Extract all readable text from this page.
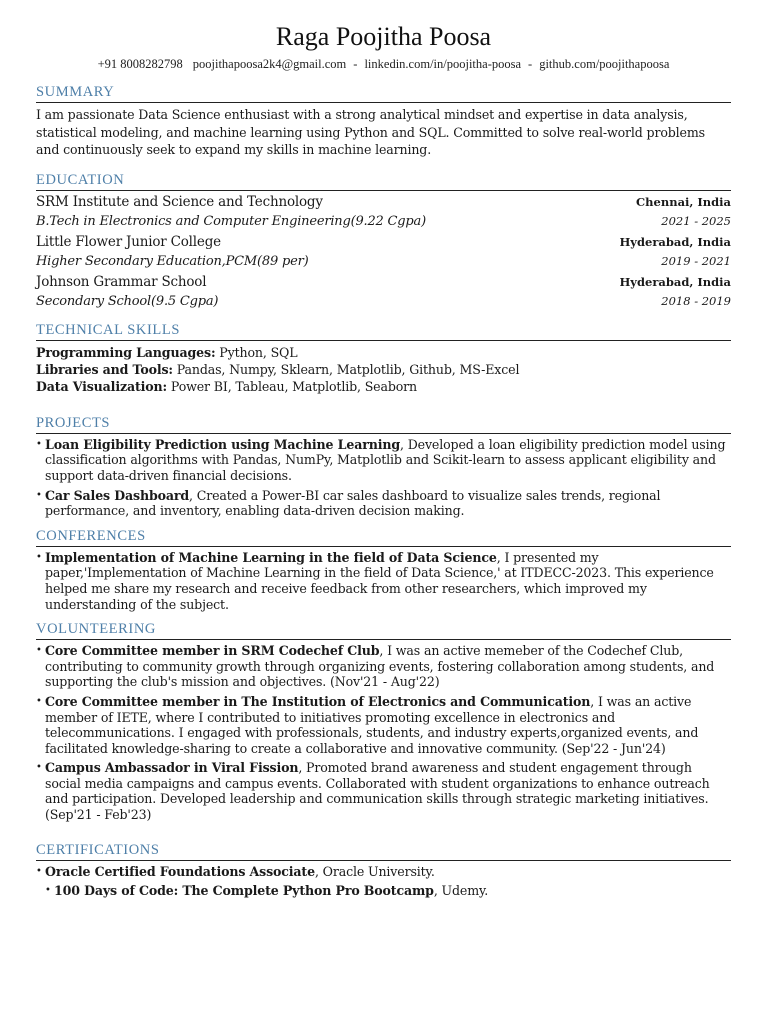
Raga Poojitha Poosa
+91 8008282798 poojithapoosa2k4@gmail.com - linkedin.com/in/poojitha-poosa - github.com/poojithapoosa
SUMMARY
I am passionate Data Science enthusiast with a strong analytical mindset and expertise in data analysis, statistical modeling, and machine learning using Python and SQL. Committed to solve real-world problems and continuously seek to expand my skills in machine learning.
EDUCATION
SRM Institute and Science and Technology	Chennai, India
B.Tech in Electronics and Computer Engineering(9.22 Cgpa)	2021 - 2025
Little Flower Junior College	Hyderabad, India
Higher Secondary Education,PCM(89 per)	2019 - 2021
Johnson Grammar School	Hyderabad, India
Secondary School(9.5 Cgpa)	2018 - 2019
TECHNICAL SKILLS
Programming Languages: Python, SQL
Libraries and Tools: Pandas, Numpy, Sklearn, Matplotlib, Github, MS-Excel
Data Visualization: Power BI, Tableau, Matplotlib, Seaborn
PROJECTS
• Loan Eligibility Prediction using Machine Learning, Developed a loan eligibility prediction model using classification algorithms with Pandas, NumPy, Matplotlib and Scikit-learn to assess applicant eligibility and support data-driven financial decisions.
• Car Sales Dashboard, Created a Power-BI car sales dashboard to visualize sales trends, regional performance, and inventory, enabling data-driven decision making.
CONFERENCES
• Implementation of Machine Learning in the field of Data Science, I presented my paper,'Implementation of Machine Learning in the field of Data Science,' at ITDECC-2023. This experience helped me share my research and receive feedback from other researchers, which improved my understanding of the subject.
VOLUNTEERING
• Core Committee member in SRM Codechef Club, I was an active memeber of the Codechef Club, contributing to community growth through organizing events, fostering collaboration among students, and supporting the club's mission and objectives. (Nov'21 - Aug'22)
• Core Committee member in The Institution of Electronics and Communication, I was an active member of IETE, where I contributed to initiatives promoting excellence in electronics and telecommunications. I engaged with professionals, students, and industry experts,organized events, and facilitated knowledge-sharing to create a collaborative and innovative community. (Sep'22 - Jun'24)
• Campus Ambassador in Viral Fission, Promoted brand awareness and student engagement through social media campaigns and campus events. Collaborated with student organizations to enhance outreach and participation. Developed leadership and communication skills through strategic marketing initiatives. (Sep'21 - Feb'23)
CERTIFICATIONS
• Oracle Certified Foundations Associate, Oracle University.
• 100 Days of Code: The Complete Python Pro Bootcamp, Udemy.
